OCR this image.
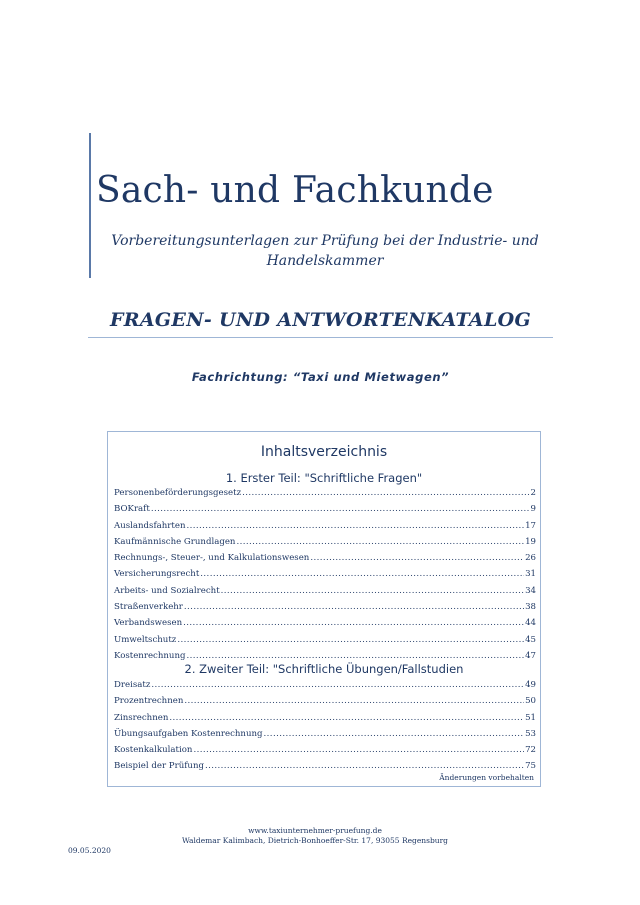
Sach- und Fachkunde
Vorbereitungsunterlagen zur Prüfung bei der Industrie- und
Handelskammer
FRAGEN- UND ANTWORTENKATALOG
Fachrichtung: “Taxi und Mietwagen”
Inhaltsverzeichnis
1. Erster Teil: "Schriftliche Fragen"
Personenbeförderungsgesetz .....	2
BOKraft .....	9
Auslandsfahrten .....	17
Kaufmännische Grundlagen .....	19
Rechnungs-, Steuer-, und Kalkulationswesen .....	26
Versicherungsrecht .....	31
Arbeits- und Sozialrecht .....	34
Straßenverkehr .....	38
Verbandswesen .....	44
Umweltschutz .....	45
Kostenrechnung .....	47
2. Zweiter Teil: "Schriftliche Übungen/Fallstudien
Dreisatz .....	49
Prozentrechnen .....	50
Zinsrechnen .....	51
Übungsaufgaben Kostenrechnung .....	53
Kostenkalkulation .....	72
Beispiel der Prüfung .....	75
Änderungen vorbehalten
www.taxiunternehmer-pruefung.de
Waldemar Kalimbach, Dietrich-Bonhoeffer-Str. 17, 93055 Regensburg
09.05.2020
